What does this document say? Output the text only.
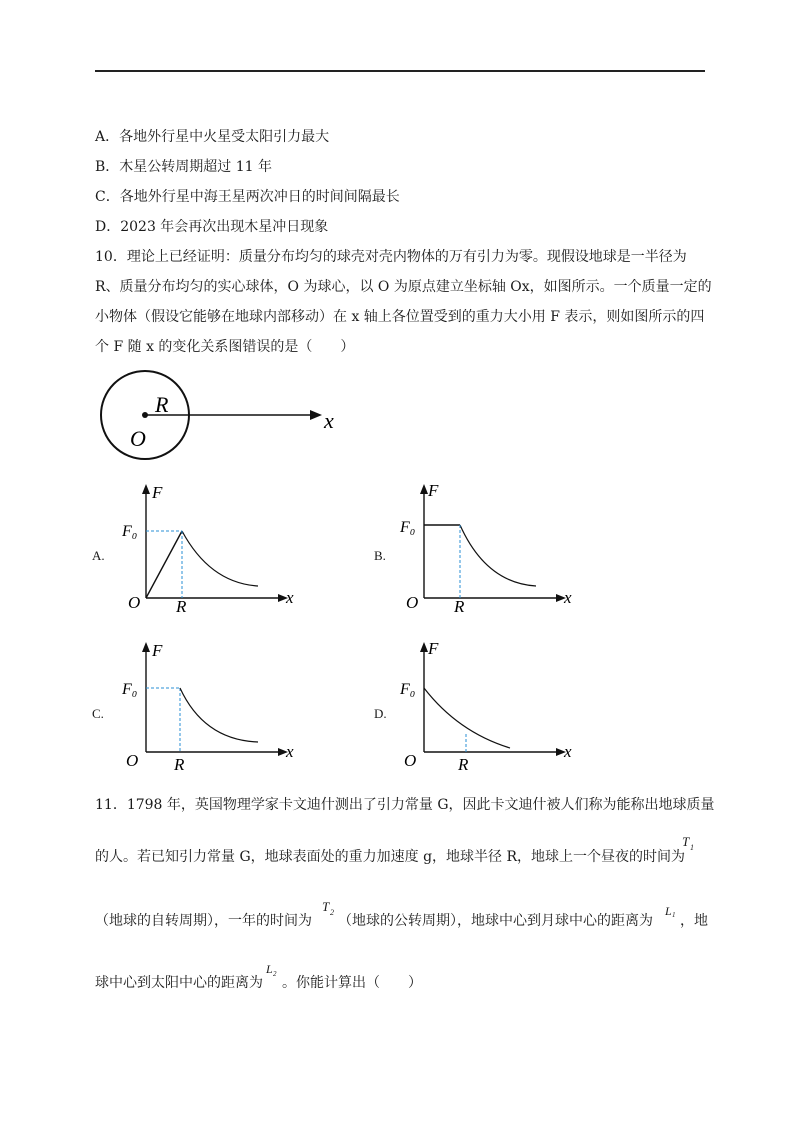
A．各地外行星中火星受太阳引力最大
B．木星公转周期超过 11 年
C．各地外行星中海王星两次冲日的时间间隔最长
D．2023 年会再次出现木星冲日现象
10．理论上已经证明：质量分布均匀的球壳对壳内物体的万有引力为零。现假设地球是一半径为
R、质量分布均匀的实心球体，O 为球心，以 O 为原点建立坐标轴 Ox，如图所示。一个质量一定的
小物体（假设它能够在地球内部移动）在 x 轴上各位置受到的重力大小用 F 表示，则如图所示的四
个 F 随 x 的变化关系图错误的是（　　）
R
O
x
A.
F
F₀
O R	x
B.
F
F₀
O R	x
C.
F
F₀
O R
x
D.
F
F₀
O R
x
11．1798 年，英国物理学家卡文迪什测出了引力常量 G，因此卡文迪什被人们称为能称出地球质量
的人。若已知引力常量 G，地球表面处的重力加速度 g，地球半径 R，地球上一个昼夜的时间为
T 1
（地球的自转周期），一年的时间为
T 2
（地球的公转周期），地球中心到月球中心的距离为
L 1 ，地
球中心到太阳中心的距离为
L 2
。你能计算出（　　）
